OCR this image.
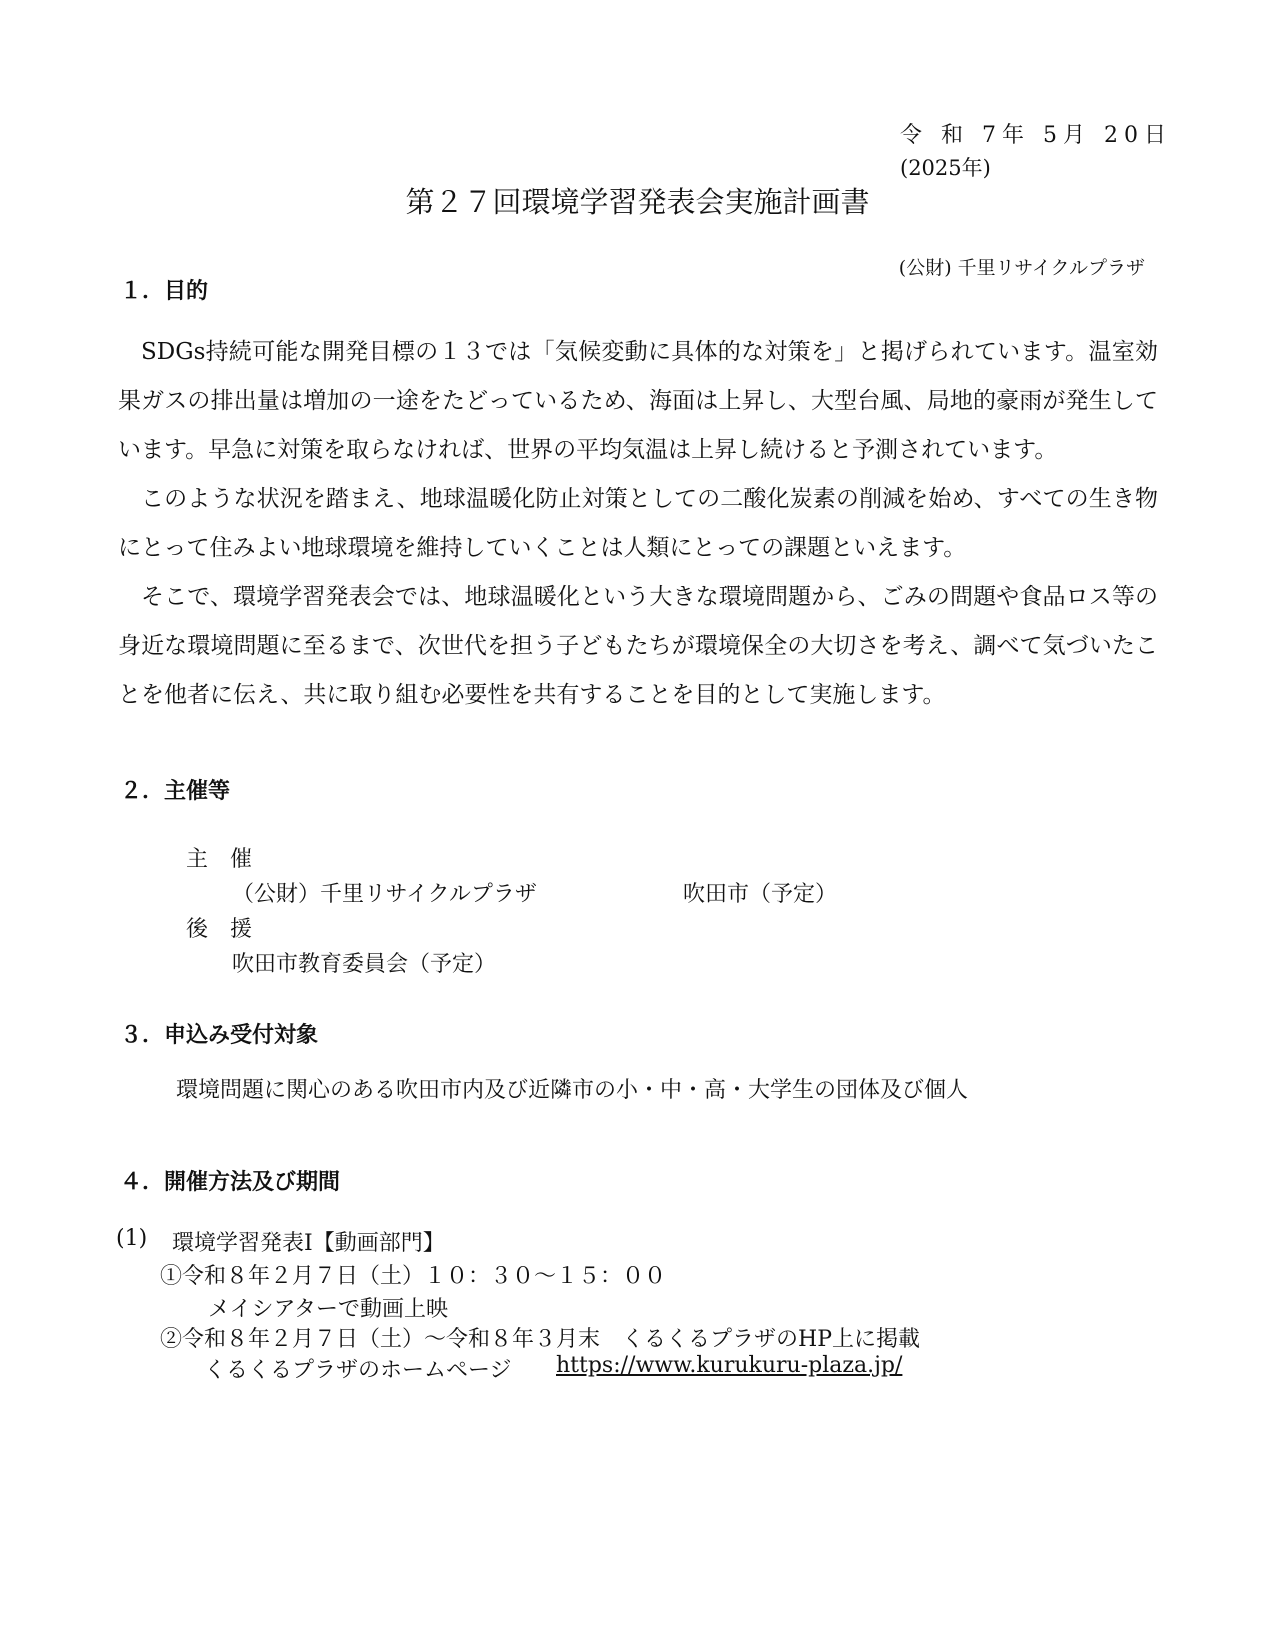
令 和 7年 5月 20日
(2025年)
第２７回環境学習発表会実施計画書
(公財) 千里リサイクルプラザ
１．目的

SDGs持続可能な開発目標の１３では「気候変動に具体的な対策を」と掲げられています。温室効果ガスの排出量は増加の一途をたどっているため、海面は上昇し、大型台風、局地的豪雨が発生しています。早急に対策を取らなければ、世界の平均気温は上昇し続けると予測されています。

このような状況を踏まえ、地球温暖化防止対策としての二酸化炭素の削減を始め、すべての生き物にとって住みよい地球環境を維持していくことは人類にとっての課題といえます。

そこで、環境学習発表会では、地球温暖化という大きな環境問題から、ごみの問題や食品ロス等の身近な環境問題に至るまで、次世代を担う子どもたちが環境保全の大切さを考え、調べて気づいたことを他者に伝え、共に取り組む必要性を共有することを目的として実施します。

２．主催等
主　催
（公財）千里リサイクルプラザ	吹田市（予定）
後　援
吹田市教育委員会（予定）
３．申込み受付対象
環境問題に関心のある吹田市内及び近隣市の小・中・高・大学生の団体及び個人
４．開催方法及び期間
(1) 環境学習発表Ⅰ【動画部門】
①令和８年２月７日（土）１０：３０～１５：００
メイシアターで動画上映
②令和８年２月７日（土）～令和８年３月末　くるくるプラザのHP上に掲載
くるくるプラザのホームページ https://www.kurukuru-plaza.jp/
